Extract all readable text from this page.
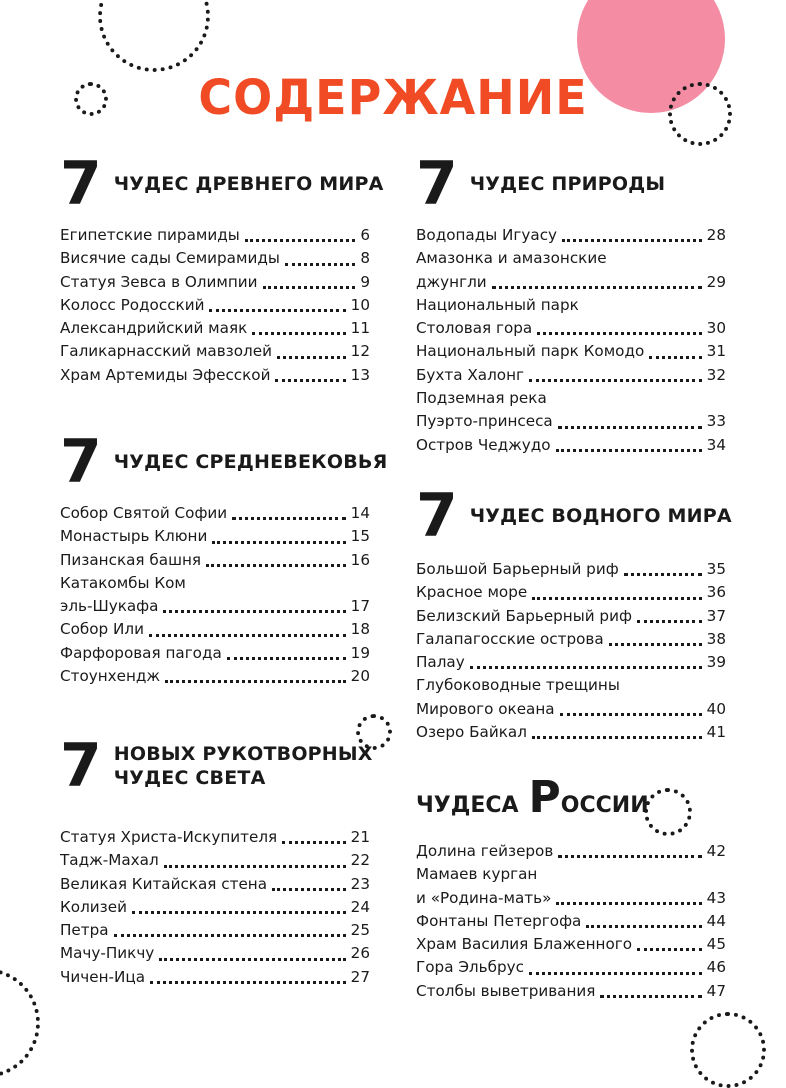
СОДЕРЖАНИЕ
7 ЧУДЕС ДРЕВНЕГО МИРА
Египетские пирамиды	6
Висячие сады Семирамиды	8
Статуя Зевса в Олимпии	9
Колосс Родосский	10
Александрийский маяк	11
Галикарнасский мавзолей	12
Храм Артемиды Эфесской	13
7 ЧУДЕС СРЕДНЕВЕКОВЬЯ
Собор Святой Софии	14
Монастырь Клюни	15
Пизанская башня	16
Катакомбы Ком
эль-Шукафа	17
Собор Или	18
Фарфоровая пагода	19
Стоунхендж	20
7 НОВЫХ РУКОТВОРНЫХ
ЧУДЕС СВЕТА
Статуя Христа-Искупителя	21
Тадж-Махал	22
Великая Китайская стена	23
Колизей	24
Петра	25
Мачу-Пикчу	26
Чичен-Ица	27
7 ЧУДЕС ПРИРОДЫ
Водопады Игуасу	28
Амазонка и амазонские
джунгли	29
Национальный парк
Столовая гора	30
Национальный парк Комодо	31
Бухта Халонг	32
Подземная река
Пуэрто-принсеса	33
Остров Чеджудо	34
7 ЧУДЕС ВОДНОГО МИРА
Большой Барьерный риф	35
Красное море	36
Белизский Барьерный риф	37
Галапагосские острова	38
Палау	39
Глубоководные трещины
Мирового океана	40
Озеро Байкал	41
ЧУДЕСА Р ОССИИ
Долина гейзеров	42
Мамаев курган
и «Родина-мать»	43
Фонтаны Петергофа	44
Храм Василия Блаженного	45
Гора Эльбрус	46
Столбы выветривания	47
